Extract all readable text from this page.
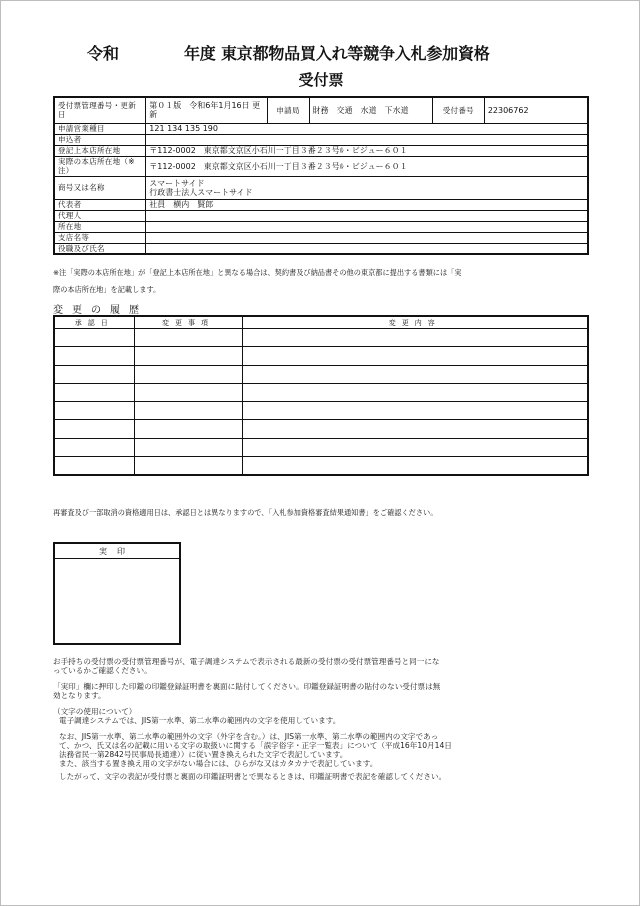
令和	年度 東京都物品買入れ等競争入札参加資格
受付票
受付票管理番号・更新日	第０１版　令和6年1月16日 更新	申請局	財務　交通　水道　下水道	受付番号	22306762
申請営業種目	121 134 135 190				
申込者					
登記上本店所在地	〒112-0002　東京都文京区小石川一丁目３番２３号ﾙ・ビジュー６０１				
実際の本店所在地（※注）	〒112-0002　東京都文京区小石川一丁目３番２３号ﾙ・ビジュー６０１				
商号又は名称	スマートサイド
行政書士法人スマートサイド				

代表者	社員　横内　賢郎				
代理人					
所在地					
支店名等					
役職及び氏名					
※注「実際の本店所在地」が「登記上本店所在地」と異なる場合は、契約書及び納品書その他の東京都に提出する書類には「実
際の本店所在地」を記載します。
変更の履歴
承認日	変更事項	変更内容

再審査及び一部取消の資格適用日は、承認日とは異なりますので、「入札参加資格審査結果通知書」をご確認ください。
実印

お手持ちの受付票の受付票管理番号が、電子調達システムで表示される最新の受付票の受付票管理番号と同一にな
っているかご確認ください。
「実印」欄に押印した印鑑の印鑑登録証明書を裏面に貼付してください。印鑑登録証明書の貼付のない受付票は無
効となります。
（文字の使用について）
電子調達システムでは、JIS第一水準、第二水準の範囲内の文字を使用しています。
なお、JIS第一水準、第二水準の範囲外の文字（外字を含む。）は、JIS第一水準、第二水準の範囲内の文字であっ
て、かつ、氏又は名の記載に用いる文字の取扱いに関する「誤字俗字・正字一覧表」について（平成16年10月14日
法務省民一第2842号民事局長通達））に従い置き換えられた文字で表記しています。
また、該当する置き換え用の文字がない場合には、ひらがな又はカタカナで表記しています。
したがって、文字の表記が受付票と裏面の印鑑証明書とで異なるときは、印鑑証明書で表記を確認してください。
